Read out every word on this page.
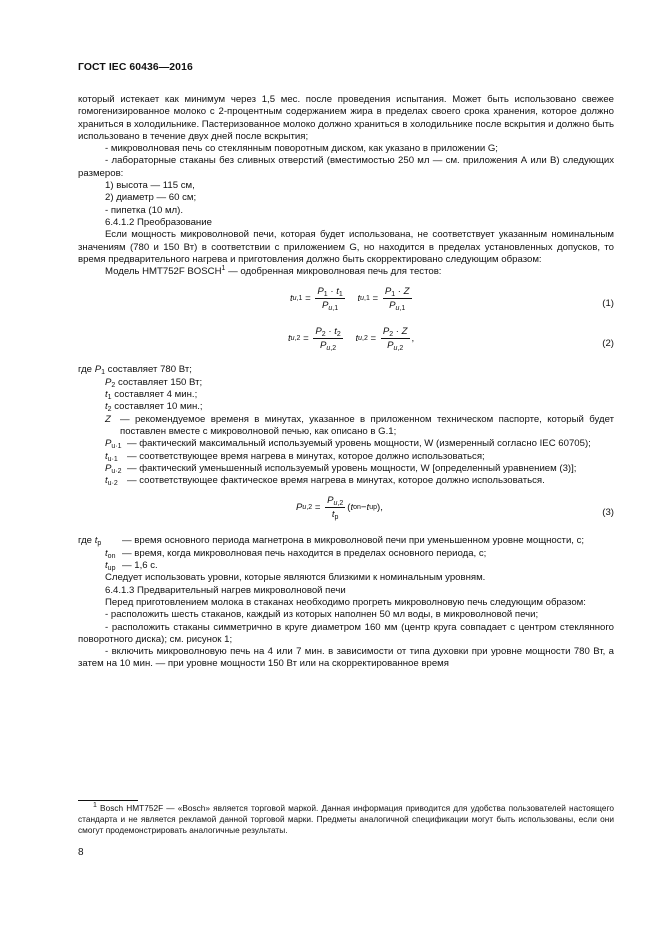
ГОСТ IEC 60436—2016

который истекает как минимум через 1,5 мес. после проведения испытания. Может быть использовано свежее гомогенизированное молоко с 2-процентным содержанием жира в пределах своего срока хранения, которое должно храниться в холодильнике. Пастеризованное молоко должно храниться в холодильнике после вскрытия и должно быть использовано в течение двух дней после вскрытия;

- микроволновая печь со стеклянным поворотным диском, как указано в приложении G;

- лабораторные стаканы без сливных отверстий (вместимостью 250 мл — см. приложения А или В) следующих размеров:

1) высота — 115 см,

2) диаметр — 60 см;

- пипетка (10 мл).

6.4.1.2 Преобразование

Если мощность микроволновой печи, которая будет использована, не соответствует указанным номинальным значениям (780 и 150 Вт) в соответствии с приложением G, но находится в пределах установленных допусков, то время предварительного нагрева и приготовления должно быть скорректировано следующим образом:

Модель HMT752F BOSCH$^1$ — одобренная микроволновая печь для тестов:

t $u,1 = \frac{P_1 \cdot t_1}{P_{u,1}}$
t $u,1 = \frac{P_1 \cdot Z}{P_{u,1}}$	(1)
t $u,2 = \frac{P_2 \cdot t_2}{P_{u,2}}$
t $u,2 = \frac{P_2 \cdot Z}{P_{u,2}}$ ,
(2)

где $P_1$ составляет 780 Вт;

$P_2$ составляет 150 Вт;

$t_1$ составляет 4 мин.;

$t_2$ составляет 10 мин.;

Z — рекомендуемое временя в минутах, указанное в приложенном техническом паспорте, который будет поставлен вместе с микроволновой печью, как описано в G.1;
$P_{u\cdot 1}$ — фактический максимальный используемый уровень мощности, W (измеренный согласно IEC 60705);
$t_{u\cdot 1}$ — соответствующее время нагрева в минутах, которое должно использоваться;
$P_{u\cdot 2}$ — фактический уменьшенный используемый уровень мощности, W [определенный уравнением (3)];
$t_{u\cdot 2}$ — соответствующее фактическое время нагрева в минутах, которое должно использоваться.
P $u,2 = \frac{P_{u,2}}{t_p}$ ( t on − t up ),
(3)
где $t_p$	— время основного периода магнетрона в микроволновой печи при уменьшенном уровне мощности, с;
$t_{on}$ — время, когда микроволновая печь находится в пределах основного периода, с;
$t_{up}$ — 1,6 с.

Следует использовать уровни, которые являются близкими к номинальным уровням.

6.4.1.3 Предварительный нагрев микроволновой печи

Перед приготовлением молока в стаканах необходимо прогреть микроволновую печь следующим образом:

- расположить шесть стаканов, каждый из которых наполнен 50 мл воды, в микроволновой печи;

- расположить стаканы симметрично в круге диаметром 160 мм (центр круга совпадает с центром стеклянного поворотного диска); см. рисунок 1;

- включить микроволновую печь на 4 или 7 мин. в зависимости от типа духовки при уровне мощности 780 Вт, а затем на 10 мин. — при уровне мощности 150 Вт или на скорректированное время

$^1$ Bosch HMT752F — «Bosch» является торговой маркой. Данная информация приводится для удобства пользователей настоящего стандарта и не является рекламой данной торговой марки. Предметы аналогичной спецификации могут быть использованы, если они смогут продемонстрировать аналогичные результаты.

8
